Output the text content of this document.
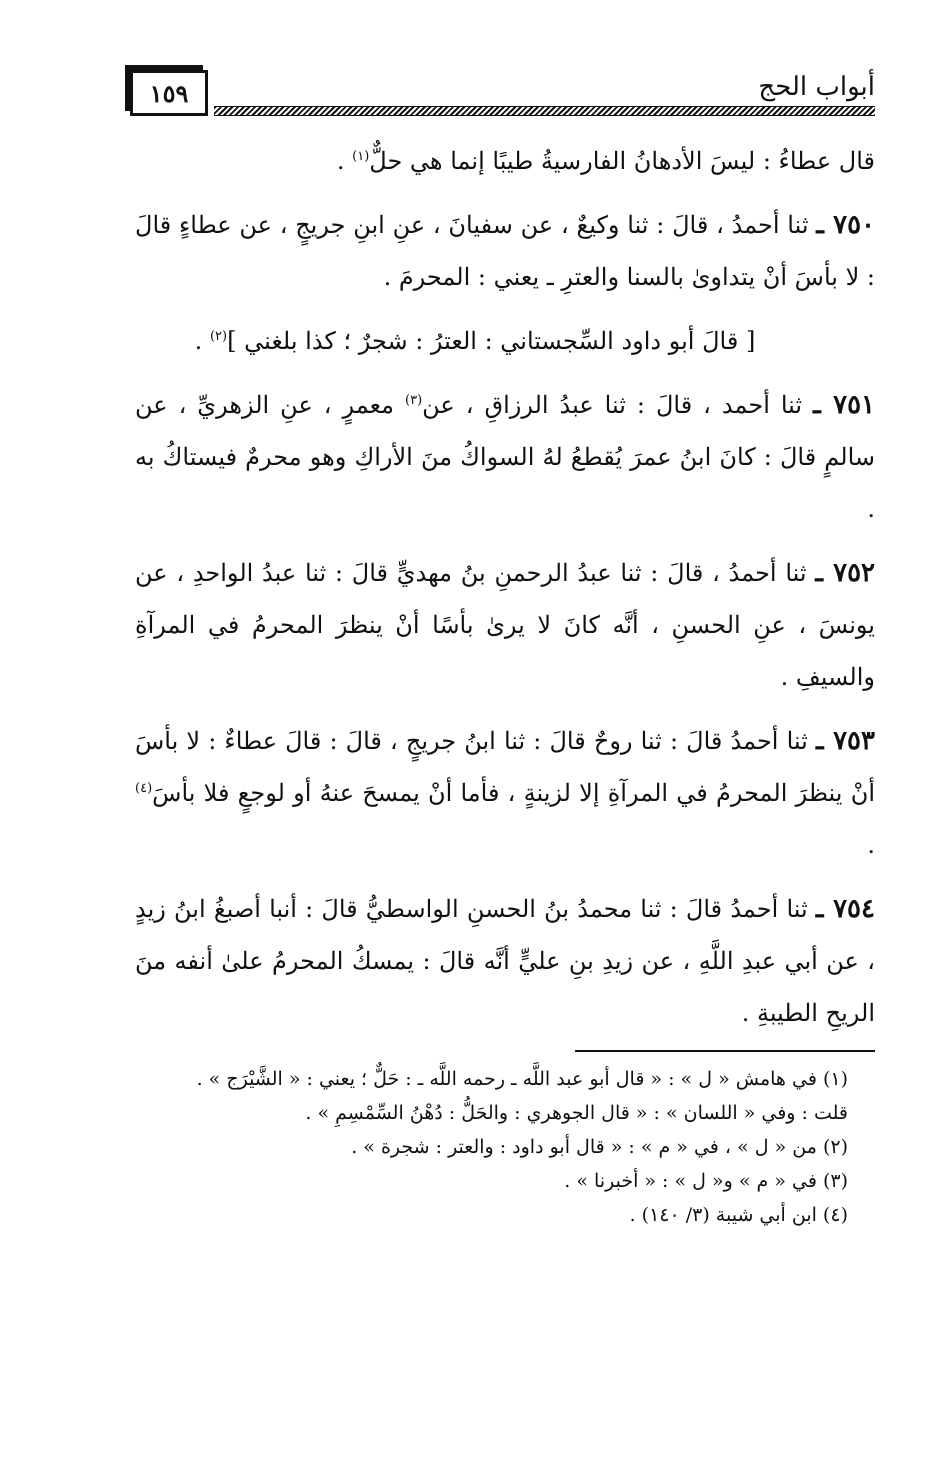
١٥٩	أبواب الحج

قال عطاءُ : ليسَ الأدهانُ الفارسيةُ طيبًا إنما هي حلٌّ$^{(١)}$ .

٧٥٠ ـ ثنا أحمدُ ، قالَ : ثنا وكيعٌ ، عن سفيانَ ، عنِ ابنِ جريجٍ ، عن عطاءٍ قالَ : لا بأسَ أنْ يتداوىٰ بالسنا والعترِ ـ يعني : المحرمَ .

[ قالَ أبو داود السِّجستاني : العترُ : شجرٌ ؛ كذا بلغني ]$^{(٢)}$ .

٧٥١ ـ ثنا أحمد ، قالَ : ثنا عبدُ الرزاقِ ، عن$^{(٣)}$ معمرٍ ، عنِ الزهريِّ ، عن سالمٍ قالَ : كانَ ابنُ عمرَ يُقطعُ لهُ السواكُ منَ الأراكِ وهو محرمٌ فيستاكُ به .

٧٥٢ ـ ثنا أحمدُ ، قالَ : ثنا عبدُ الرحمنِ بنُ مهديٍّ قالَ : ثنا عبدُ الواحدِ ، عن يونسَ ، عنِ الحسنِ ، أنَّه كانَ لا يرىٰ بأسًا أنْ ينظرَ المحرمُ في المرآةِ والسيفِ .

٧٥٣ ـ ثنا أحمدُ قالَ : ثنا روحٌ قالَ : ثنا ابنُ جريجٍ ، قالَ : قالَ عطاءٌ : لا بأسَ أنْ ينظرَ المحرمُ في المرآةِ إلا لزينةٍ ، فأما أنْ يمسحَ عنهُ أو لوجعٍ فلا بأسَ$^{(٤)}$ .

٧٥٤ ـ ثنا أحمدُ قالَ : ثنا محمدُ بنُ الحسنِ الواسطيُّ قالَ : أنبا أصبغُ ابنُ زيدٍ ، عن أبي عبدِ اللَّهِ ، عن زيدِ بنِ عليٍّ أنَّه قالَ : يمسكُ المحرمُ علىٰ أنفه منَ الريحِ الطيبةِ .

(١) في هامش « ل » : « قال أبو عبد اللَّه ـ رحمه اللَّه ـ : حَلٌّ ؛ يعني : « الشَّيْرَج » .

قلت : وفي « اللسان » : « قال الجوهري : والحَلُّ : دُهْنُ السِّمْسِمِ » .

(٢) من « ل » ، في « م » : « قال أبو داود : والعتر : شجرة » .

(٣) في « م » و« ل » : « أخبرنا » .

(٤) ابن أبي شيبة (٣/ ١٤٠) .
